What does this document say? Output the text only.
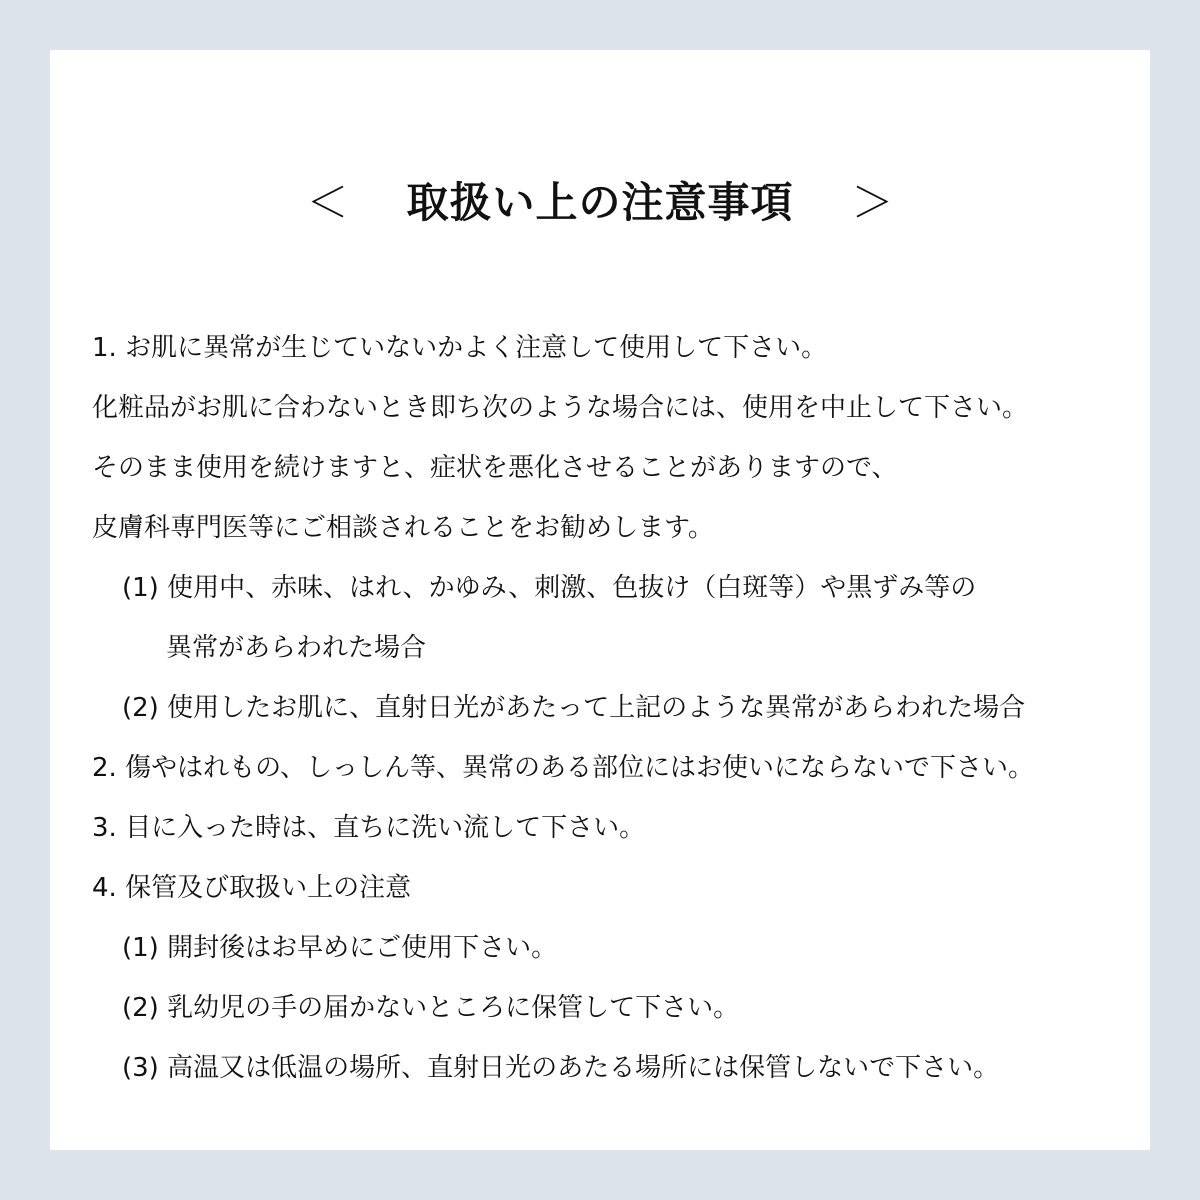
＜ 取扱い上の注意事項 ＞
1. お肌に異常が生じていないかよく注意して使用して下さい。
化粧品がお肌に合わないとき即ち次のような場合には、使用を中止して下さい。
そのまま使用を続けますと、症状を悪化させることがありますので、
皮膚科専門医等にご相談されることをお勧めします。
(1) 使用中、赤味、はれ、かゆみ、刺激、色抜け（白斑等）や黒ずみ等の
異常があらわれた場合
(2) 使用したお肌に、直射日光があたって上記のような異常があらわれた場合
2. 傷やはれもの、しっしん等、異常のある部位にはお使いにならないで下さい。
3. 目に入った時は、直ちに洗い流して下さい。
4. 保管及び取扱い上の注意
(1) 開封後はお早めにご使用下さい。
(2) 乳幼児の手の届かないところに保管して下さい。
(3) 高温又は低温の場所、直射日光のあたる場所には保管しないで下さい。
